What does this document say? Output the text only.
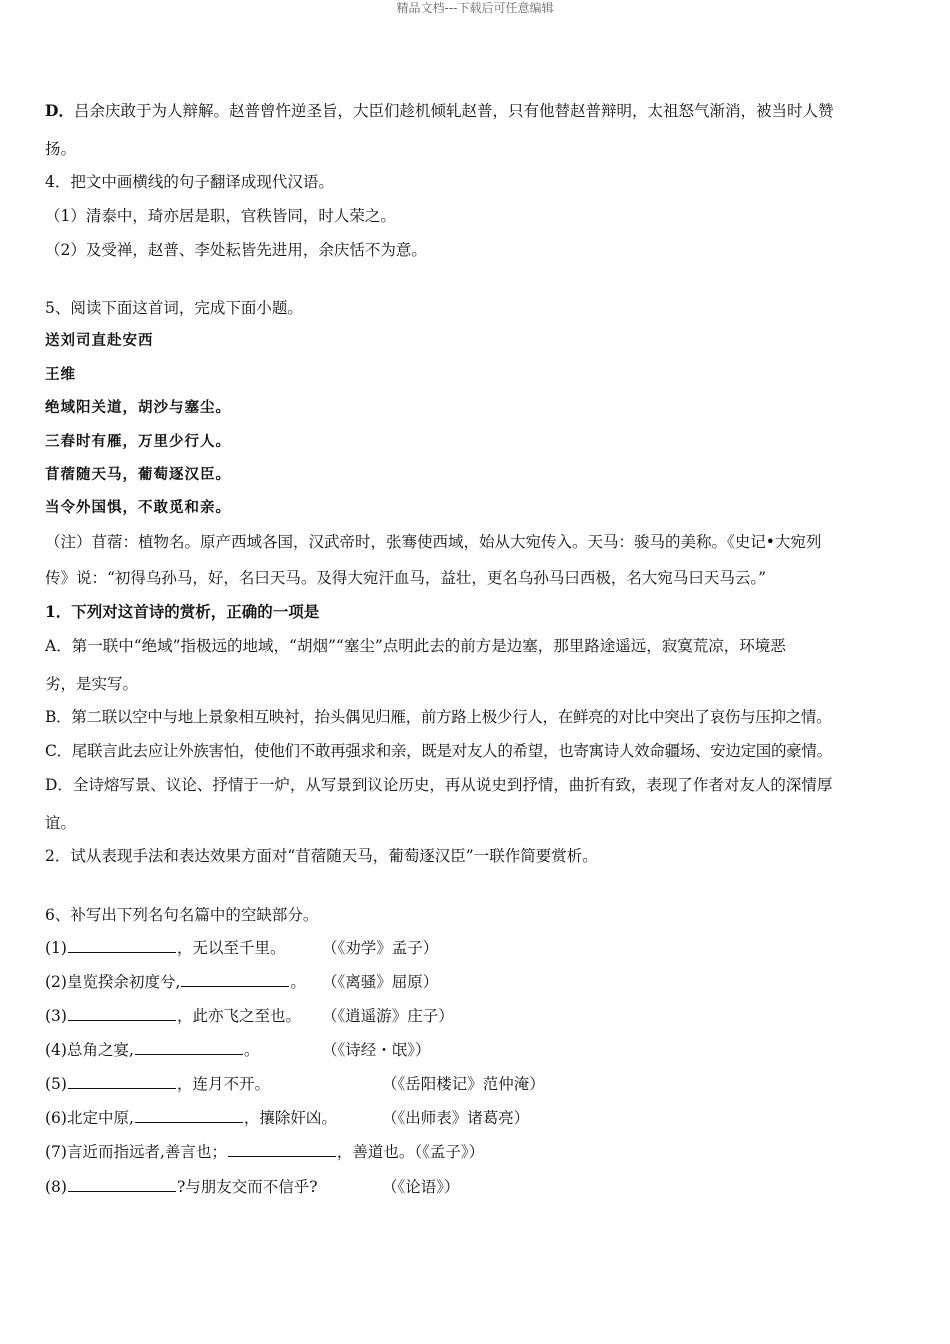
精品文档---下载后可任意编辑
D．吕余庆敢于为人辩解。赵普曾忤逆圣旨，大臣们趁机倾轧赵普，只有他替赵普辩明，太祖怒气渐消，被当时人赞
扬。
4．把文中画横线的句子翻译成现代汉语。
（1）清泰中，琦亦居是职，官秩皆同，时人荣之。
（2）及受禅，赵普、李处耘皆先进用，余庆恬不为意。
5、阅读下面这首词，完成下面小题。
送刘司直赴安西
王维
绝域阳关道，胡沙与塞尘。
三春时有雁，万里少行人。
苜蓿随天马，葡萄逐汉臣。
当令外国惧，不敢觅和亲。
（注）苜蓿：植物名。原产西域各国，汉武帝时，张骞使西域，始从大宛传入。天马：骏马的美称。《史记•大宛列
传》说：“初得乌孙马，好，名曰天马。及得大宛汗血马，益壮，更名乌孙马曰西极，名大宛马曰天马云。”
1．下列对这首诗的赏析，正确的一项是
A．第一联中“绝域”指极远的地域，“胡烟”“塞尘”点明此去的前方是边塞，那里路途遥远，寂寞荒凉，环境恶
劣，是实写。
B．第二联以空中与地上景象相互映衬，抬头偶见归雁，前方路上极少行人，在鲜亮的对比中突出了哀伤与压抑之情。
C．尾联言此去应让外族害怕，使他们不敢再强求和亲，既是对友人的希望，也寄寓诗人效命疆场、安边定国的豪情。
D．全诗熔写景、议论、抒情于一炉，从写景到议论历史，再从说史到抒情，曲折有致，表现了作者对友人的深情厚
谊。
2．试从表现手法和表达效果方面对“苜蓿随天马，葡萄逐汉臣”一联作简要赏析。
6、补写出下列名句名篇中的空缺部分。
(1)	，无以至千里。 （《劝学》孟子）
(2)皇览揆余初度兮,	。 （《离骚》屈原）
(3)	，此亦飞之至也。 （《逍遥游》庄子）
(4)总角之宴,	。	（《诗经・氓》）
(5)	，连月不开。	（《岳阳楼记》范仲淹）
(6)北定中原,	，攘除奸凶。	（《出师表》诸葛亮）
(7)言近而指远者,善言也；	，善道也。（《孟子》）
(8)	?与朋友交而不信乎?	（《论语》）
